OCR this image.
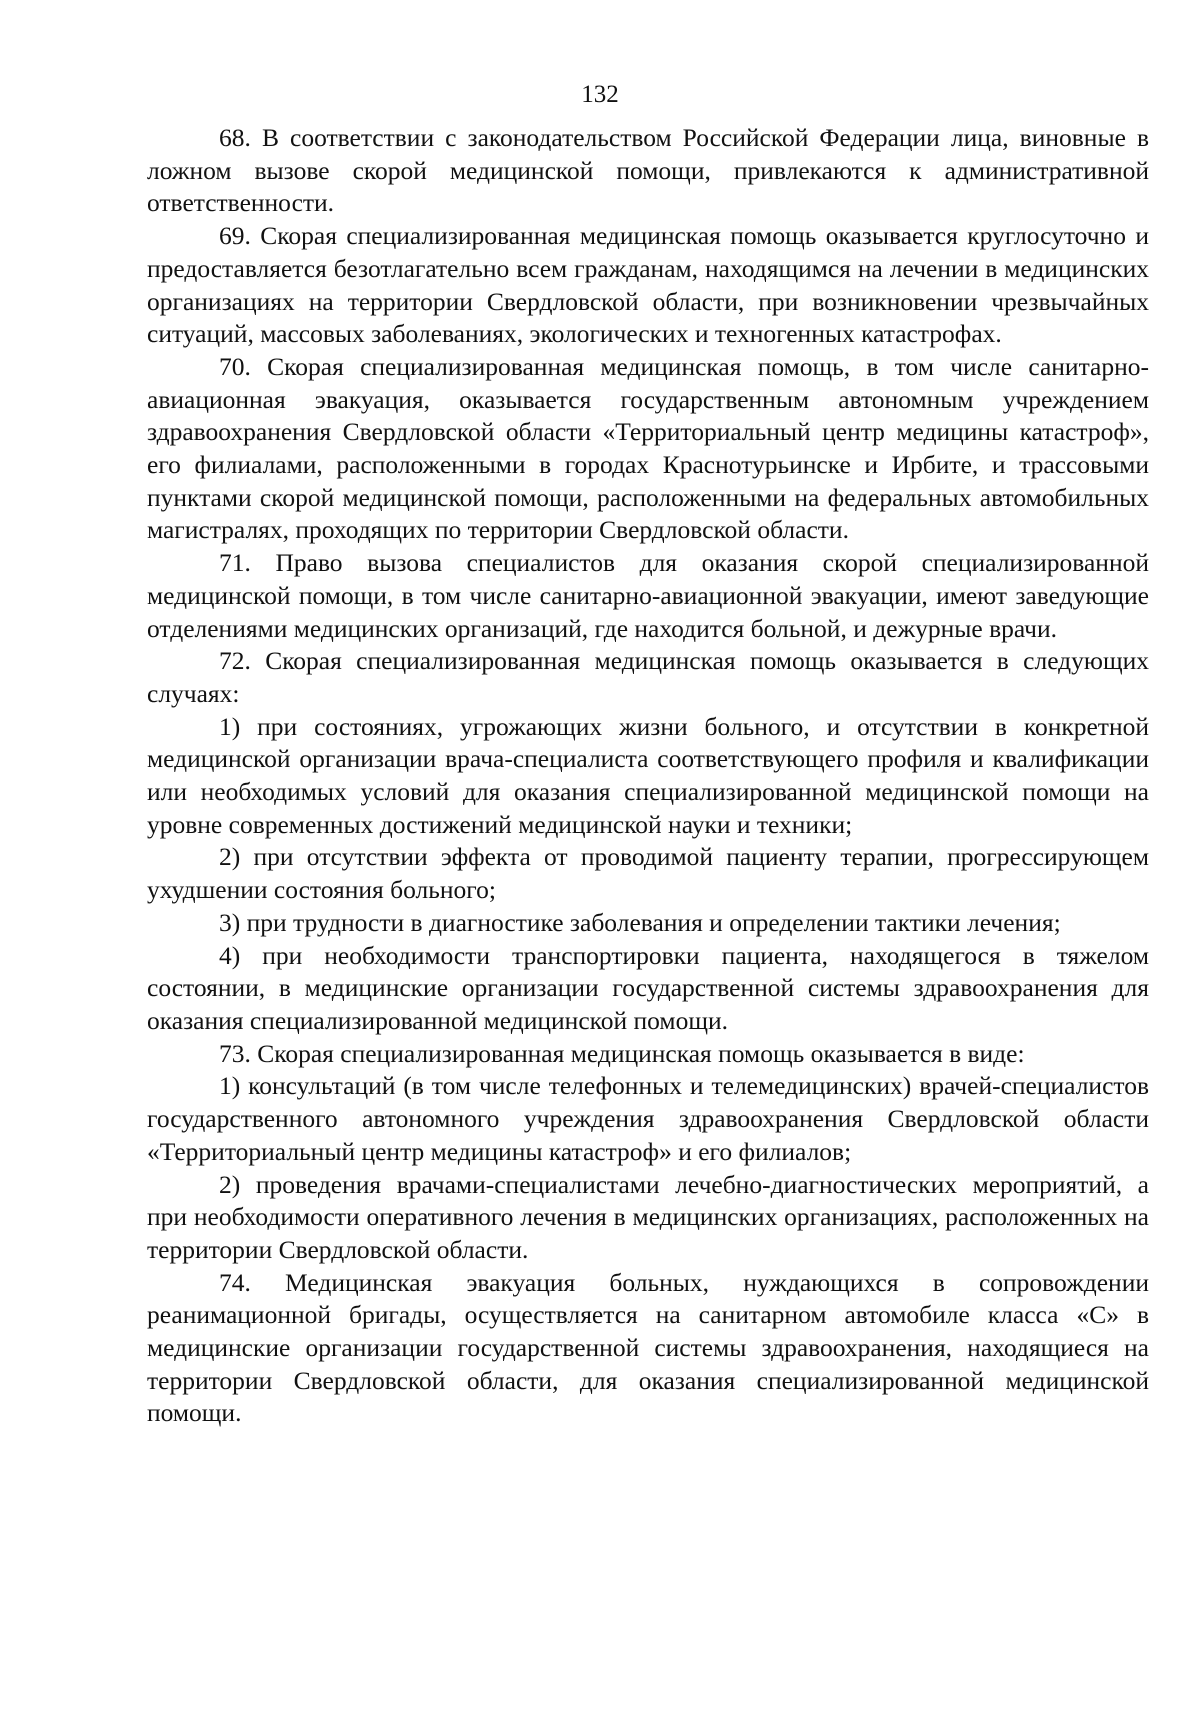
132

68. В соответствии с законодательством Российской Федерации лица, виновные в ложном вызове скорой медицинской помощи, привлекаются к административной ответственности.

69. Скорая специализированная медицинская помощь оказывается круглосуточно и предоставляется безотлагательно всем гражданам, находящимся на лечении в медицинских организациях на территории Свердловской области, при возникновении чрезвычайных ситуаций, массовых заболеваниях, экологических и техногенных катастрофах.

70. Скорая специализированная медицинская помощь, в том числе санитарно-авиационная эвакуация, оказывается государственным автономным учреждением здравоохранения Свердловской области «Территориальный центр медицины катастроф», его филиалами, расположенными в городах Краснотурьинске и Ирбите, и трассовыми пунктами скорой медицинской помощи, расположенными на федеральных автомобильных магистралях, проходящих по территории Свердловской области.

71. Право вызова специалистов для оказания скорой специализированной медицинской помощи, в том числе санитарно-авиационной эвакуации, имеют заведующие отделениями медицинских организаций, где находится больной, и дежурные врачи.

72. Скорая специализированная медицинская помощь оказывается в следующих случаях:

1) при состояниях, угрожающих жизни больного, и отсутствии в конкретной медицинской организации врача-специалиста соответствующего профиля и квалификации или необходимых условий для оказания специализированной медицинской помощи на уровне современных достижений медицинской науки и техники;

2) при отсутствии эффекта от проводимой пациенту терапии, прогрессирующем ухудшении состояния больного;

3) при трудности в диагностике заболевания и определении тактики лечения;

4) при необходимости транспортировки пациента, находящегося в тяжелом состоянии, в медицинские организации государственной системы здравоохранения для оказания специализированной медицинской помощи.

73. Скорая специализированная медицинская помощь оказывается в виде:

1) консультаций (в том числе телефонных и телемедицинских) врачей-специалистов государственного автономного учреждения здравоохранения Свердловской области «Территориальный центр медицины катастроф» и его филиалов;

2) проведения врачами-специалистами лечебно-диагностических мероприятий, а при необходимости оперативного лечения в медицинских организациях, расположенных на территории Свердловской области.

74. Медицинская эвакуация больных, нуждающихся в сопровождении реанимационной бригады, осуществляется на санитарном автомобиле класса «С» в медицинские организации государственной системы здравоохранения, находящиеся на территории Свердловской области, для оказания специализированной медицинской помощи.
